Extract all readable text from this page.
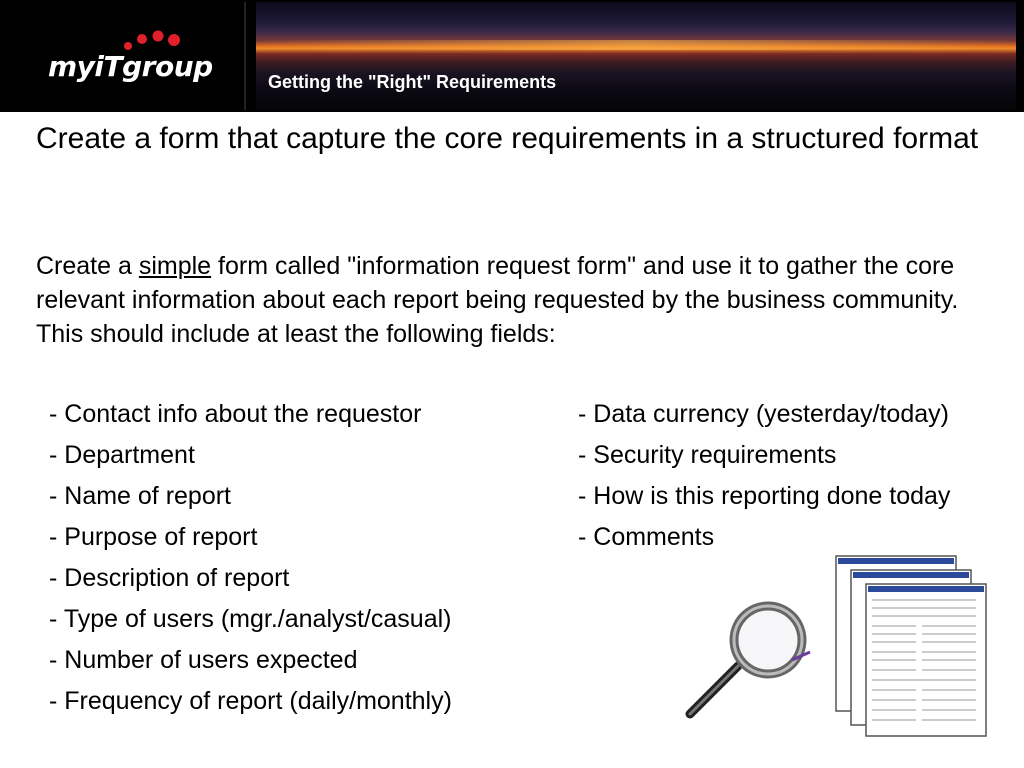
myiTgroup	Getting the "Right" Requirements
Create a form that capture the core requirements in a structured format
Create a simple form called "information request form" and use it to gather the core relevant information about each report being requested by the business community. This should include at least the following fields:
- Contact info about the requestor
- Department
- Name of report
- Purpose of report
- Description of report
- Type of users (mgr./analyst/casual)
- Number of users expected
- Frequency of report (daily/monthly)
- Data currency (yesterday/today)
- Security requirements
- How is this reporting done today
- Comments
